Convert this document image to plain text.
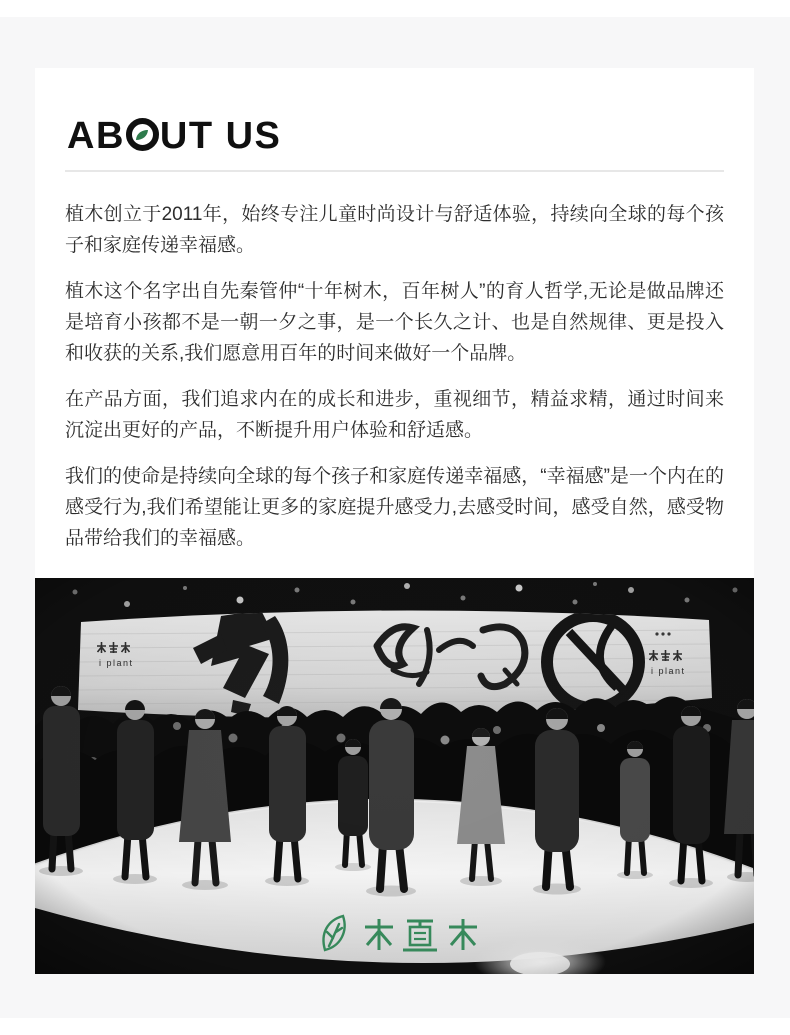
AB UT US

植木创立于2011年，始终专注儿童时尚设计与舒适体验，持续向全球的每个孩子和家庭传递幸福感。

植木这个名字出自先秦管仲“十年树木，百年树人”的育人哲学,无论是做品牌还是培育小孩都不是一朝一夕之事，是一个长久之计、也是自然规律、更是投入和收获的关系,我们愿意用百年的时间来做好一个品牌。

在产品方面，我们追求内在的成长和进步，重视细节，精益求精，通过时间来沉淀出更好的产品，不断提升用户体验和舒适感。

我们的使命是持续向全球的每个孩子和家庭传递幸福感，“幸福感”是一个内在的感受行为,我们希望能让更多的家庭提升感受力,去感受时间，感受自然，感受物品带给我们的幸福感。
